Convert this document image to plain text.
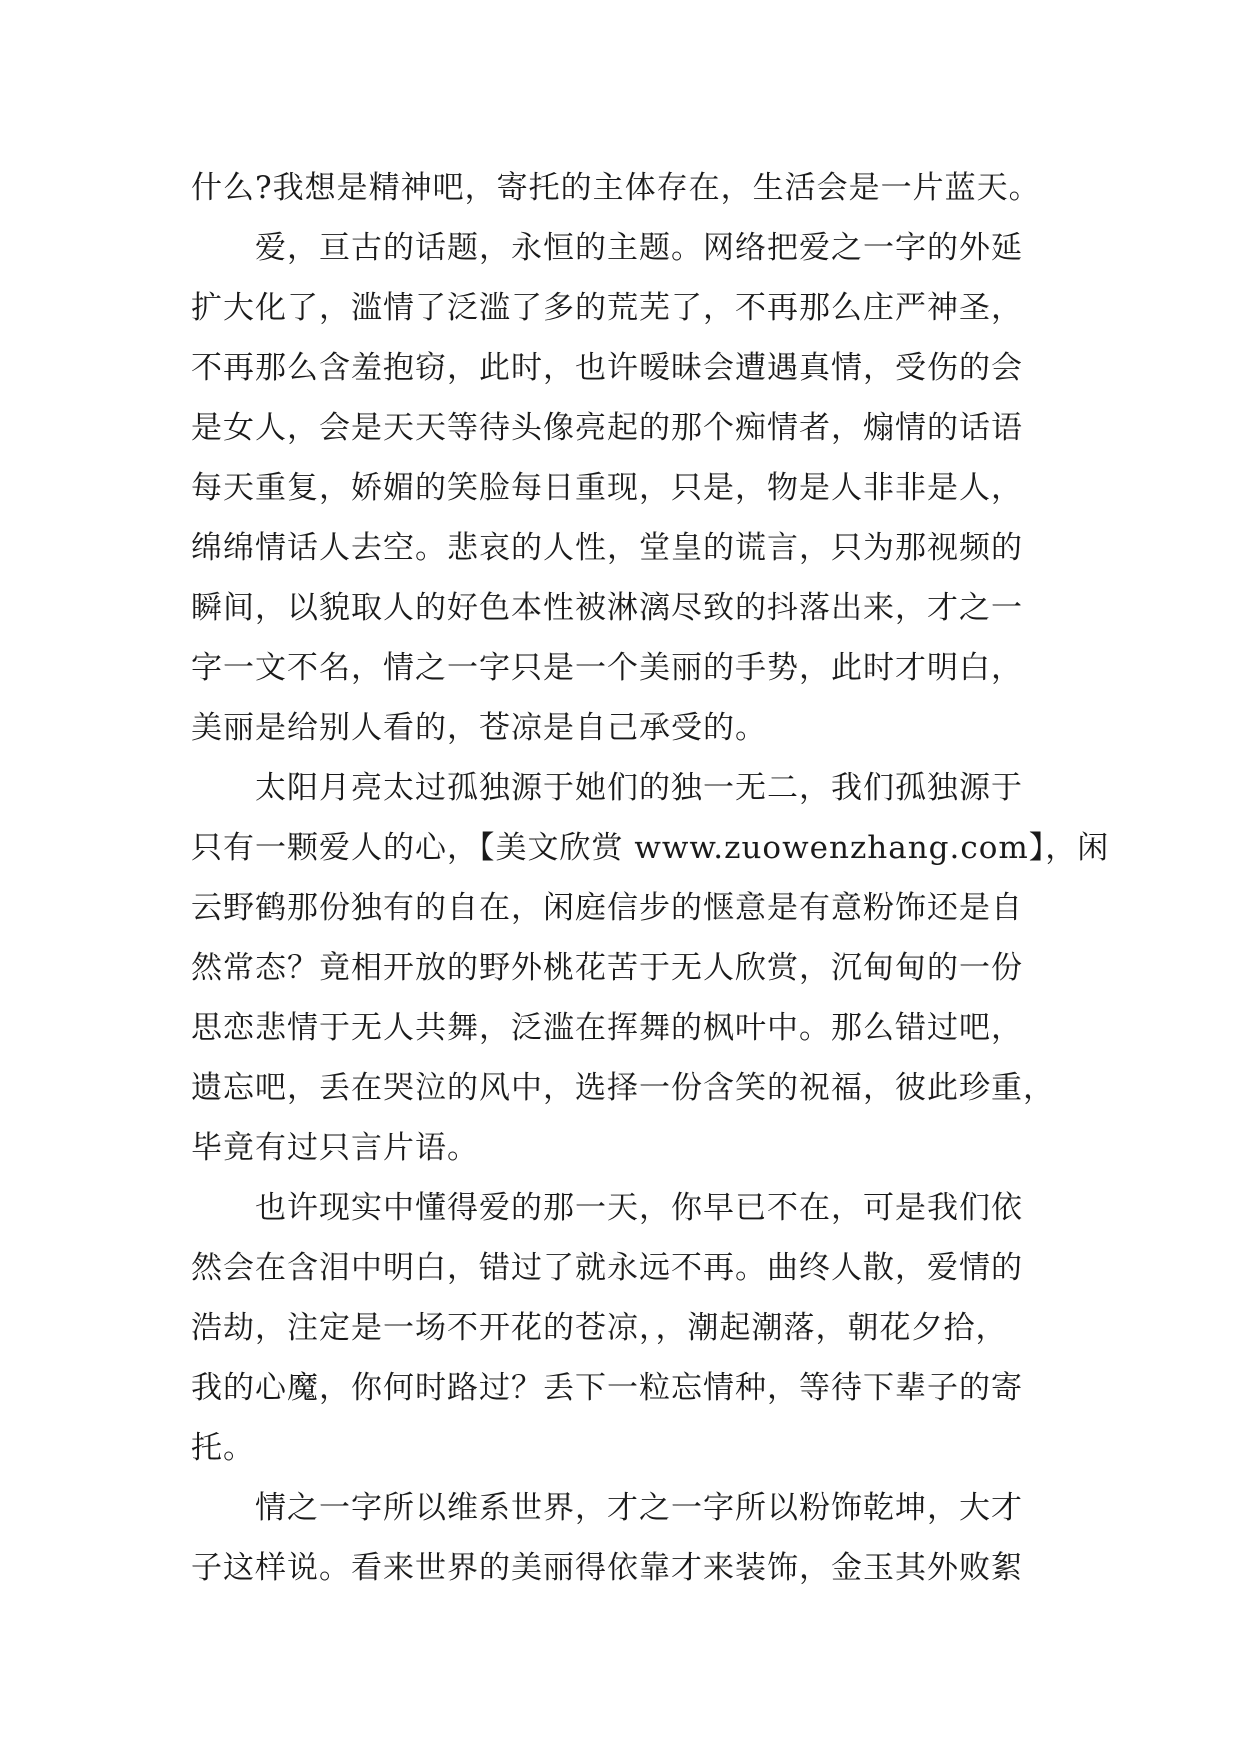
什么?我想是精神吧，寄托的主体存在，生活会是一片蓝天。
爱，亘古的话题，永恒的主题。网络把爱之一字的外延
扩大化了，滥情了泛滥了多的荒芜了，不再那么庄严神圣，
不再那么含羞抱窃，此时，也许暧昧会遭遇真情，受伤的会
是女人，会是天天等待头像亮起的那个痴情者，煽情的话语
每天重复，娇媚的笑脸每日重现，只是，物是人非非是人，
绵绵情话人去空。悲哀的人性，堂皇的谎言，只为那视频的
瞬间，以貌取人的好色本性被淋漓尽致的抖落出来，才之一
字一文不名，情之一字只是一个美丽的手势，此时才明白，
美丽是给别人看的，苍凉是自己承受的。
太阳月亮太过孤独源于她们的独一无二，我们孤独源于
只有一颗爱人的心，【美文欣赏 www.zuowenzhang.com】，闲
云野鹤那份独有的自在，闲庭信步的惬意是有意粉饰还是自
然常态？竟相开放的野外桃花苦于无人欣赏，沉甸甸的一份
思恋悲情于无人共舞，泛滥在挥舞的枫叶中。那么错过吧，
遗忘吧，丢在哭泣的风中，选择一份含笑的祝福，彼此珍重，
毕竟有过只言片语。
也许现实中懂得爱的那一天，你早已不在，可是我们依
然会在含泪中明白，错过了就永远不再。曲终人散，爱情的
浩劫，注定是一场不开花的苍凉，，潮起潮落，朝花夕拾，
我的心魔，你何时路过？丢下一粒忘情种，等待下辈子的寄
托。
情之一字所以维系世界，才之一字所以粉饰乾坤，大才
子这样说。看来世界的美丽得依靠才来装饰，金玉其外败絮
